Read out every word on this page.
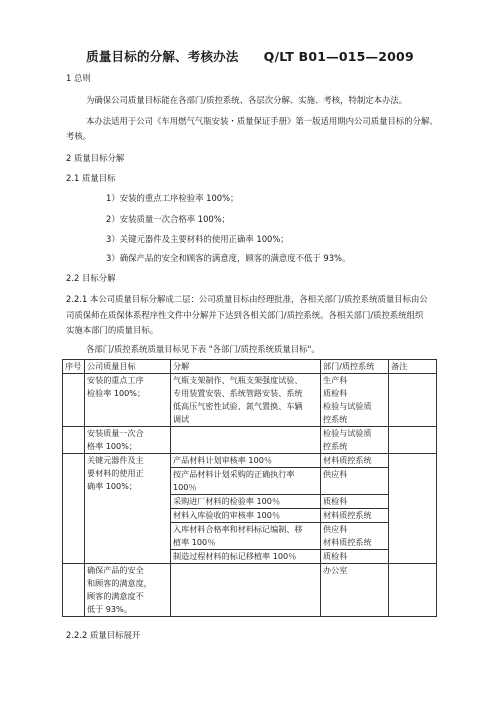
质量目标的分解、考核办法 Q/LT B01—015—2009
1 总则
为确保公司质量目标能在各部门/质控系统、各层次分解、实施、考核，特制定本办法。
本办法适用于公司《车用燃气气瓶安装・质量保证手册》第一版适用期内公司质量目标的分解、
考核。
2 质量目标分解
2.1 质量目标
1）安装的重点工序检验率 100%；
2）安装质量一次合格率 100%；
3）关键元器件及主要材料的使用正确率 100%；
3）确保产品的安全和顾客的满意度，顾客的满意度不低于 93%。
2.2 目标分解
2.2.1 本公司质量目标分解成二层：公司质量目标由经理批准，各相关部门/质控系统质量目标由公
司质保师在质保体系程序性文件中分解并下达到各相关部门/质控系统。各相关部门/质控系统组织
实施本部门的质量目标。
各部门/质控系统质量目标见下表 "各部门/质控系统质量目标"。
序号	公司质量目标	分解	部门/质控系统	备注

	安装的重点工序
检验率 100%；	气瓶支架制作、气瓶支架强度试验、
专用装置安装、系统管路安装、系统
低高压气密性试验、氮气置换、车辆
调试	生产科
质检科
检验与试验质
控系统	

	安装质量一次合
格率 100%；		检验与试验质
控系统	

	关键元器件及主
要材料的使用正
确率 100%；	产品材料计划审核率 100％	材料质控系统	

		按产品材料计划采购的正确执行率
100％	供应科	

		采购进厂材料的检验率 100％	质检科	

		材料入库验收的审核率 100％	材料质控系统	

		入库材料合格率和材料标记编制、移
植率 100％	供应科
材料质控系统	

		制造过程材料的标记移植率 100％	质检科	

	确保产品的安全
和顾客的满意度，
顾客的满意度不
低于 93%。		办公室	

2.2.2 质量目标展开
